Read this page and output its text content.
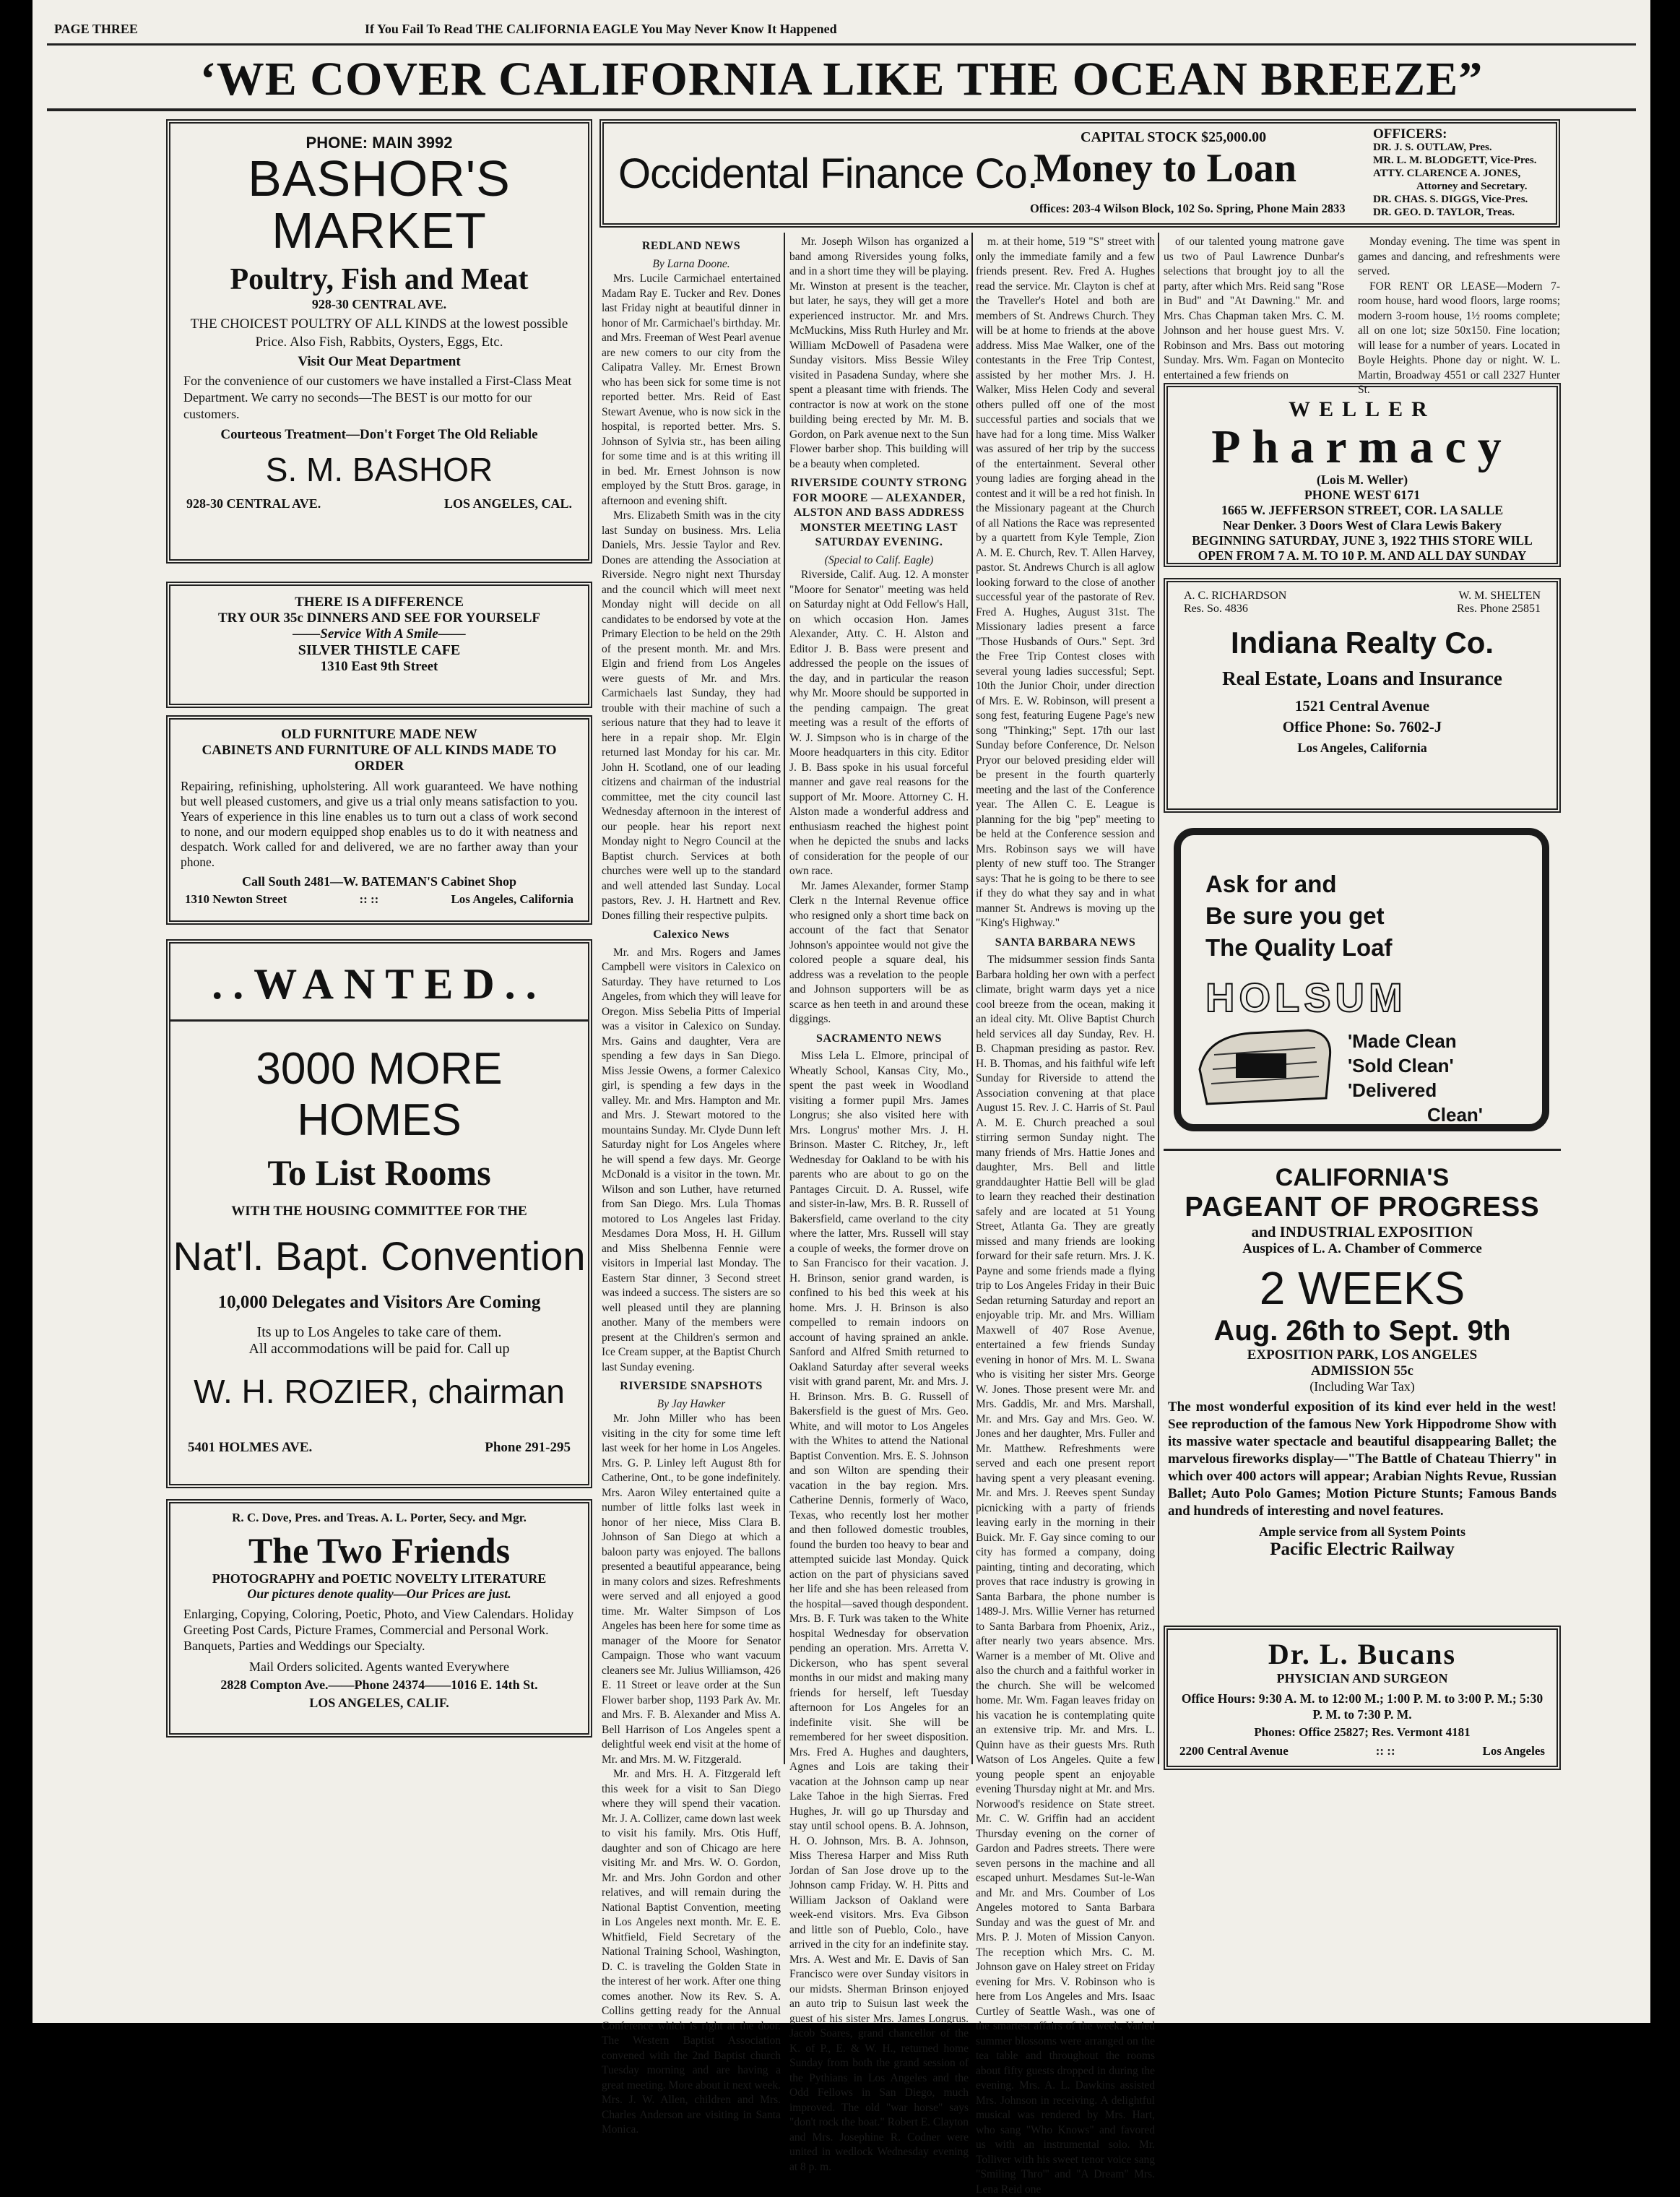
PAGE THREE	If You Fail To Read THE CALIFORNIA EAGLE You May Never Know It Happened
‘WE COVER CALIFORNIA LIKE THE OCEAN BREEZE”

PHONE: MAIN 3992

BASHOR'S

MARKET

Poultry, Fish and Meat

928-30 CENTRAL AVE.

THE CHOICEST POULTRY OF ALL KINDS at the lowest possible Price. Also Fish, Rabbits, Oysters, Eggs, Etc.

Visit Our Meat Department

For the convenience of our customers we have installed a First-Class Meat Department. We carry no seconds—The BEST is our motto for our customers.

Courteous Treatment—Don't Forget The Old Reliable

S. M. BASHOR

928-30 CENTRAL AVE.	LOS ANGELES, CAL.

THERE IS A DIFFERENCE

TRY OUR 35c DINNERS AND SEE FOR YOURSELF

——Service With A Smile——

SILVER THISTLE CAFE

1310 East 9th Street

OLD FURNITURE MADE NEW

CABINETS AND FURNITURE OF ALL KINDS MADE TO ORDER

Repairing, refinishing, upholstering. All work guaranteed. We have nothing but well pleased customers, and give us a trial only means satisfaction to you. Years of experience in this line enables us to turn out a class of work second to none, and our modern equipped shop enables us to do it with neatness and despatch. Work called for and delivered, we are no farther away than your phone.

Call South 2481—W. BATEMAN'S Cabinet Shop

1310 Newton Street	:: ::	Los Angeles, California

..WANTED..

3000 MORE HOMES

To List Rooms

WITH THE HOUSING COMMITTEE FOR THE

Nat'l. Bapt. Convention

10,000 Delegates and Visitors Are Coming

Its up to Los Angeles to take care of them.

All accommodations will be paid for. Call up

W. H. ROZIER, chairman

5401 HOLMES AVE.	Phone 291-295

R. C. Dove, Pres. and Treas. A. L. Porter, Secy. and Mgr.

The Two Friends

PHOTOGRAPHY and POETIC NOVELTY LITERATURE

Our pictures denote quality—Our Prices are just.

Enlarging, Copying, Coloring, Poetic, Photo, and View Calendars. Holiday Greeting Post Cards, Picture Frames, Commercial and Personal Work. Banquets, Parties and Weddings our Specialty.

Mail Orders solicited. Agents wanted Everywhere

2828 Compton Ave.——Phone 24374——1016 E. 14th St.

LOS ANGELES, CALIF.

Occidental Finance Co.

CAPITAL STOCK $25,000.00

Money to Loan

Offices: 203-4 Wilson Block, 102 So. Spring, Phone Main 2833

OFFICERS:

DR. J. S. OUTLAW, Pres.

MR. L. M. BLODGETT, Vice-Pres.

ATTY. CLARENCE A. JONES,

Attorney and Secretary.

DR. CHAS. S. DIGGS, Vice-Pres.

DR. GEO. D. TAYLOR, Treas.

REDLAND NEWS

By Larna Doone.

Mrs. Lucile Carmichael entertained Madam Ray E. Tucker and Rev. Dones last Friday night at beautiful dinner in honor of Mr. Carmichael's birthday. Mr. and Mrs. Freeman of West Pearl avenue are new comers to our city from the Calipatra Valley. Mr. Ernest Brown who has been sick for some time is not reported better. Mrs. Reid of East Stewart Avenue, who is now sick in the hospital, is reported better. Mrs. S. Johnson of Sylvia str., has been ailing for some time and is at this writing ill in bed. Mr. Ernest Johnson is now employed by the Stutt Bros. garage, in afternoon and evening shift.

Mrs. Elizabeth Smith was in the city last Sunday on business. Mrs. Lelia Daniels, Mrs. Jessie Taylor and Rev. Dones are attending the Association at Riverside. Negro night next Thursday and the council which will meet next Monday night will decide on all candidates to be endorsed by vote at the Primary Election to be held on the 29th of the present month. Mr. and Mrs. Elgin and friend from Los Angeles were guests of Mr. and Mrs. Carmichaels last Sunday, they had trouble with their machine of such a serious nature that they had to leave it here in a repair shop. Mr. Elgin returned last Monday for his car. Mr. John H. Scotland, one of our leading citizens and chairman of the industrial committee, met the city council last Wednesday afternoon in the interest of our people. hear his report next Monday night to Negro Council at the Baptist church. Services at both churches were well up to the standard and well attended last Sunday. Local pastors, Rev. J. H. Hartnett and Rev. Dones filling their respective pulpits.

Calexico News

Mr. and Mrs. Rogers and James Campbell were visitors in Calexico on Saturday. They have returned to Los Angeles, from which they will leave for Oregon. Miss Sebelia Pitts of Imperial was a visitor in Calexico on Sunday. Mrs. Gains and daughter, Vera are spending a few days in San Diego. Miss Jessie Owens, a former Calexico girl, is spending a few days in the valley. Mr. and Mrs. Hampton and Mr. and Mrs. J. Stewart motored to the mountains Sunday. Mr. Clyde Dunn left Saturday night for Los Angeles where he will spend a few days. Mr. George McDonald is a visitor in the town. Mr. Wilson and son Luther, have returned from San Diego. Mrs. Lula Thomas motored to Los Angeles last Friday. Mesdames Dora Moss, H. H. Gillum and Miss Shelbenna Fennie were visitors in Imperial last Monday. The Eastern Star dinner, 3 Second street was indeed a success. The sisters are so well pleased until they are planning another. Many of the members were present at the Children's sermon and Ice Cream supper, at the Baptist Church last Sunday evening.

RIVERSIDE SNAPSHOTS

By Jay Hawker

Mr. John Miller who has been visiting in the city for some time left last week for her home in Los Angeles. Mrs. G. P. Linley left August 8th for Catherine, Ont., to be gone indefinitely. Mrs. Aaron Wiley entertained quite a number of little folks last week in honor of her niece, Miss Clara B. Johnson of San Diego at which a baloon party was enjoyed. The ballons presented a beautiful appearance, being in many colors and sizes. Refreshments were served and all enjoyed a good time. Mr. Walter Simpson of Los Angeles has been here for some time as manager of the Moore for Senator Campaign. Those who want vacuum cleaners see Mr. Julius Williamson, 426 E. 11 Street or leave order at the Sun Flower barber shop, 1193 Park Av. Mr. and Mrs. F. B. Alexander and Miss A. Bell Harrison of Los Angeles spent a delightful week end visit at the home of Mr. and Mrs. M. W. Fitzgerald.

Mr. and Mrs. H. A. Fitzgerald left this week for a visit to San Diego where they will spend their vacation. Mr. J. A. Collizer, came down last week to visit his family. Mrs. Otis Huff, daughter and son of Chicago are here visiting Mr. and Mrs. W. O. Gordon, Mr. and Mrs. John Gordon and other relatives, and will remain during the National Baptist Convention, meeting in Los Angeles next month. Mr. E. E. Whitfield, Field Secretary of the National Training School, Washington, D. C. is traveling the Golden State in the interest of her work. After one thing comes another. Now its Rev. S. A. Collins getting ready for the Annual Conference which is right at the door. The Western Baptist Association convened with the 2nd Baptist church Tuesday morning and are having a great meeting. More about it next week. Mrs. J. W. Allen, children and Mrs. Charles Anderson are visiting in Santa Monica.

Mr. Joseph Wilson has organized a band among Riversides young folks, and in a short time they will be playing. Mr. Winston at present is the teacher, but later, he says, they will get a more experienced instructor. Mr. and Mrs. McMuckins, Miss Ruth Hurley and Mr. William McDowell of Pasadena were Sunday visitors. Miss Bessie Wiley visited in Pasadena Sunday, where she spent a pleasant time with friends. The contractor is now at work on the stone building being erected by Mr. M. B. Gordon, on Park avenue next to the Sun Flower barber shop. This building will be a beauty when completed.

RIVERSIDE COUNTY STRONG FOR MOORE — ALEXANDER, ALSTON AND BASS ADDRESS MONSTER MEETING LAST SATURDAY EVENING.

(Special to Calif. Eagle)

Riverside, Calif. Aug. 12. A monster "Moore for Senator" meeting was held on Saturday night at Odd Fellow's Hall, on which occasion Hon. James Alexander, Atty. C. H. Alston and Editor J. B. Bass were present and addressed the people on the issues of the day, and in particular the reason why Mr. Moore should be supported in the pending campaign. The great meeting was a result of the efforts of W. J. Simpson who is in charge of the Moore headquarters in this city. Editor J. B. Bass spoke in his usual forceful manner and gave real reasons for the support of Mr. Moore. Attorney C. H. Alston made a wonderful address and enthusiasm reached the highest point when he depicted the snubs and lacks of consideration for the people of our own race.

Mr. James Alexander, former Stamp Clerk n the Internal Revenue office who resigned only a short time back on account of the fact that Senator Johnson's appointee would not give the colored people a square deal, his address was a revelation to the people and Johnson supporters will be as scarce as hen teeth in and around these diggings.

SACRAMENTO NEWS

Miss Lela L. Elmore, principal of Wheatly School, Kansas City, Mo., spent the past week in Woodland visiting a former pupil Mrs. James Longrus; she also visited here with Mrs. Longrus' mother Mrs. J. H. Brinson. Master C. Ritchey, Jr., left Wednesday for Oakland to be with his parents who are about to go on the Pantages Circuit. D. A. Russel, wife and sister-in-law, Mrs. B. R. Russell of Bakersfield, came overland to the city where the latter, Mrs. Russell will stay a couple of weeks, the former drove on to San Francisco for their vacation. J. H. Brinson, senior grand warden, is confined to his bed this week at his home. Mrs. J. H. Brinson is also compelled to remain indoors on account of having sprained an ankle. Sanford and Alfred Smith returned to Oakland Saturday after several weeks visit with grand parent, Mr. and Mrs. J. H. Brinson. Mrs. B. G. Russell of Bakersfield is the guest of Mrs. Geo. White, and will motor to Los Angeles with the Whites to attend the National Baptist Convention. Mrs. E. S. Johnson and son Wilton are spending their vacation in the bay region. Mrs. Catherine Dennis, formerly of Waco, Texas, who recently lost her mother and then followed domestic troubles, found the burden too heavy to bear and attempted suicide last Monday. Quick action on the part of physicians saved her life and she has been released from the hospital—saved though despondent. Mrs. B. F. Turk was taken to the White hospital Wednesday for observation pending an operation. Mrs. Arretta V. Dickerson, who has spent several months in our midst and making many friends for herself, left Tuesday afternoon for Los Angeles for an indefinite visit. She will be remembered for her sweet disposition. Mrs. Fred A. Hughes and daughters, Agnes and Lois are taking their vacation at the Johnson camp up near Lake Tahoe in the high Sierras. Fred Hughes, Jr. will go up Thursday and stay until school opens. B. A. Johnson, H. O. Johnson, Mrs. B. A. Johnson, Miss Theresa Harper and Miss Ruth Jordan of San Jose drove up to the Johnson camp Friday. W. H. Pitts and William Jackson of Oakland were week-end visitors. Mrs. Eva Gibson and little son of Pueblo, Colo., have arrived in the city for an indefinite stay. Mrs. A. West and Mr. E. Davis of San Francisco were over Sunday visitors in our midsts. Sherman Brinson enjoyed an auto trip to Suisun last week the guest of his sister Mrs. James Longrus. Jacob Soares, grand chancellor of the K. of P., E. & W. H., returned home Sunday from both the grand session of the Pythians in Los Angeles and the Odd Fellows in San Diego, much improved. The old "war horse" says "don't rock the boat." Robert E. Clayton and Mrs. Josephine R. Codner were united in wedlock Wednesday evening at 8 p. m.

m. at their home, 519 "S" street with only the immediate family and a few friends present. Rev. Fred A. Hughes read the service. Mr. Clayton is chef at the Traveller's Hotel and both are members of St. Andrews Church. They will be at home to friends at the above address. Miss Mae Walker, one of the contestants in the Free Trip Contest, assisted by her mother Mrs. J. H. Walker, Miss Helen Cody and several others pulled off one of the most successful parties and socials that we have had for a long time. Miss Walker was assured of her trip by the success of the entertainment. Several other young ladies are forging ahead in the contest and it will be a red hot finish. In the Missionary pageant at the Church of all Nations the Race was represented by a quartett from Kyle Temple, Zion A. M. E. Church, Rev. T. Allen Harvey, pastor. St. Andrews Church is all aglow looking forward to the close of another successful year of the pastorate of Rev. Fred A. Hughes, August 31st. The Missionary ladies present a farce "Those Husbands of Ours." Sept. 3rd the Free Trip Contest closes with several young ladies successful; Sept. 10th the Junior Choir, under direction of Mrs. E. W. Robinson, will present a song fest, featuring Eugene Page's new song "Thinking;" Sept. 17th our last Sunday before Conference, Dr. Nelson Pryor our beloved presiding elder will be present in the fourth quarterly meeting and the last of the Conference year. The Allen C. E. League is planning for the big "pep" meeting to be held at the Conference session and Mrs. Robinson says we will have plenty of new stuff too. The Stranger says: That he is going to be there to see if they do what they say and in what manner St. Andrews is moving up the "King's Highway."

SANTA BARBARA NEWS

The midsummer session finds Santa Barbara holding her own with a perfect climate, bright warm days yet a nice cool breeze from the ocean, making it an ideal city. Mt. Olive Baptist Church held services all day Sunday, Rev. H. B. Chapman presiding as pastor. Rev. H. B. Thomas, and his faithful wife left Sunday for Riverside to attend the Association convening at that place August 15. Rev. J. C. Harris of St. Paul A. M. E. Church preached a soul stirring sermon Sunday night. The many friends of Mrs. Hattie Jones and daughter, Mrs. Bell and little granddaughter Hattie Bell will be glad to learn they reached their destination safely and are located at 51 Young Street, Atlanta Ga. They are greatly missed and many friends are looking forward for their safe return. Mrs. J. K. Payne and some friends made a flying trip to Los Angeles Friday in their Buic Sedan returning Saturday and report an enjoyable trip. Mr. and Mrs. William Maxwell of 407 Rose Avenue, entertained a few friends Sunday evening in honor of Mrs. M. L. Swana who is visiting her sister Mrs. George W. Jones. Those present were Mr. and Mrs. Gaddis, Mr. and Mrs. Marshall, Mr. and Mrs. Gay and Mrs. Geo. W. Jones and her daughter, Mrs. Fuller and Mr. Matthew. Refreshments were served and each one present report having spent a very pleasant evening. Mr. and Mrs. J. Reeves spent Sunday picnicking with a party of friends leaving early in the morning in their Buick. Mr. F. Gay since coming to our city has formed a company, doing painting, tinting and decorating, which proves that race industry is growing in Santa Barbara, the phone number is 1489-J. Mrs. Willie Verner has returned to Santa Barbara from Phoenix, Ariz., after nearly two years absence. Mrs. Warner is a member of Mt. Olive and also the church and a faithful worker in the church. She will be welcomed home. Mr. Wm. Fagan leaves friday on his vacation he is contemplating quite an extensive trip. Mr. and Mrs. L. Quinn have as their guests Mrs. Ruth Watson of Los Angeles. Quite a few young people spent an enjoyable evening Thursday night at Mr. and Mrs. Norwood's residence on State street. Mr. C. W. Griffin had an accident Thursday evening on the corner of Gardon and Padres streets. There were seven persons in the machine and all escaped unhurt. Mesdames Sut-le-Wan and Mr. and Mrs. Coumber of Los Angeles motored to Santa Barbara Sunday and was the guest of Mr. and Mrs. P. J. Moten of Mission Canyon. The reception which Mrs. C. M. Johnson gave on Haley street on Friday evening for Mrs. V. Robinson who is here from Los Angeles and Mrs. Isaac Curtley of Seattle Wash., was one of the smartest affairs of the week. Varied summer blossoms were arranged on the tea table and throughout the rooms about fifty guests dropped in during the evening. Mrs. A. L. Dawkins assisted Mrs. Johnson in receiving. A delightful musical was rendered by Mrs. Hart, who sang "Who Knows" and favored us with an instrumental solo. Mr. Tolliver with his sweet tenor voice sang "Smiling Thro'" and "A Dream" Mrs. Lena Reid one

of our talented young matrone gave us two of Paul Lawrence Dunbar's selections that brought joy to all the party, after which Mrs. Reid sang "Rose in Bud" and "At Dawning." Mr. and Mrs. Chas Chapman taken Mrs. C. M. Johnson and her house guest Mrs. V. Robinson and Mrs. Bass out motoring Sunday. Mrs. Wm. Fagan on Montecito entertained a few friends on

Monday evening. The time was spent in games and dancing, and refreshments were served.

FOR RENT OR LEASE—Modern 7-room house, hard wood floors, large rooms; modern 3-room house, 1½ rooms complete; all on one lot; size 50x150. Fine location; will lease for a number of years. Located in Boyle Heights. Phone day or night. W. L. Martin, Broadway 4551 or call 2327 Hunter St.

WELLER

Pharmacy

(Lois M. Weller)

PHONE WEST 6171

1665 W. JEFFERSON STREET, COR. LA SALLE

Near Denker. 3 Doors West of Clara Lewis Bakery

BEGINNING SATURDAY, JUNE 3, 1922 THIS STORE WILL

OPEN FROM 7 A. M. TO 10 P. M. AND ALL DAY SUNDAY

A. C. RICHARDSON

Res. So. 4836

W. M. SHELTEN

Res. Phone 25851

Indiana Realty Co.

Real Estate, Loans and Insurance

1521 Central Avenue

Office Phone: So. 7602-J

Los Angeles, California

Ask for and

Be sure you get

The Quality Loaf

HOLSUM

'Made Clean

'Sold Clean'

'Delivered

Clean'

CALIFORNIA'S

PAGEANT OF PROGRESS

and INDUSTRIAL EXPOSITION

Auspices of L. A. Chamber of Commerce

2 WEEKS

Aug. 26th to Sept. 9th

EXPOSITION PARK, LOS ANGELES

ADMISSION 55c

(Including War Tax)

The most wonderful exposition of its kind ever held in the west! See reproduction of the famous New York Hippodrome Show with its massive water spectacle and beautiful disappearing Ballet; the marvelous fireworks display—"The Battle of Chateau Thierry" in which over 400 actors will appear; Arabian Nights Revue, Russian Ballet; Auto Polo Games; Motion Picture Stunts; Famous Bands and hundreds of interesting and novel features.

Ample service from all System Points

Pacific Electric Railway

Dr. L. Bucans

PHYSICIAN AND SURGEON

Office Hours: 9:30 A. M. to 12:00 M.; 1:00 P. M. to 3:00 P. M.; 5:30 P. M. to 7:30 P. M.

Phones: Office 25827; Res. Vermont 4181

2200 Central Avenue	:: ::	Los Angeles
